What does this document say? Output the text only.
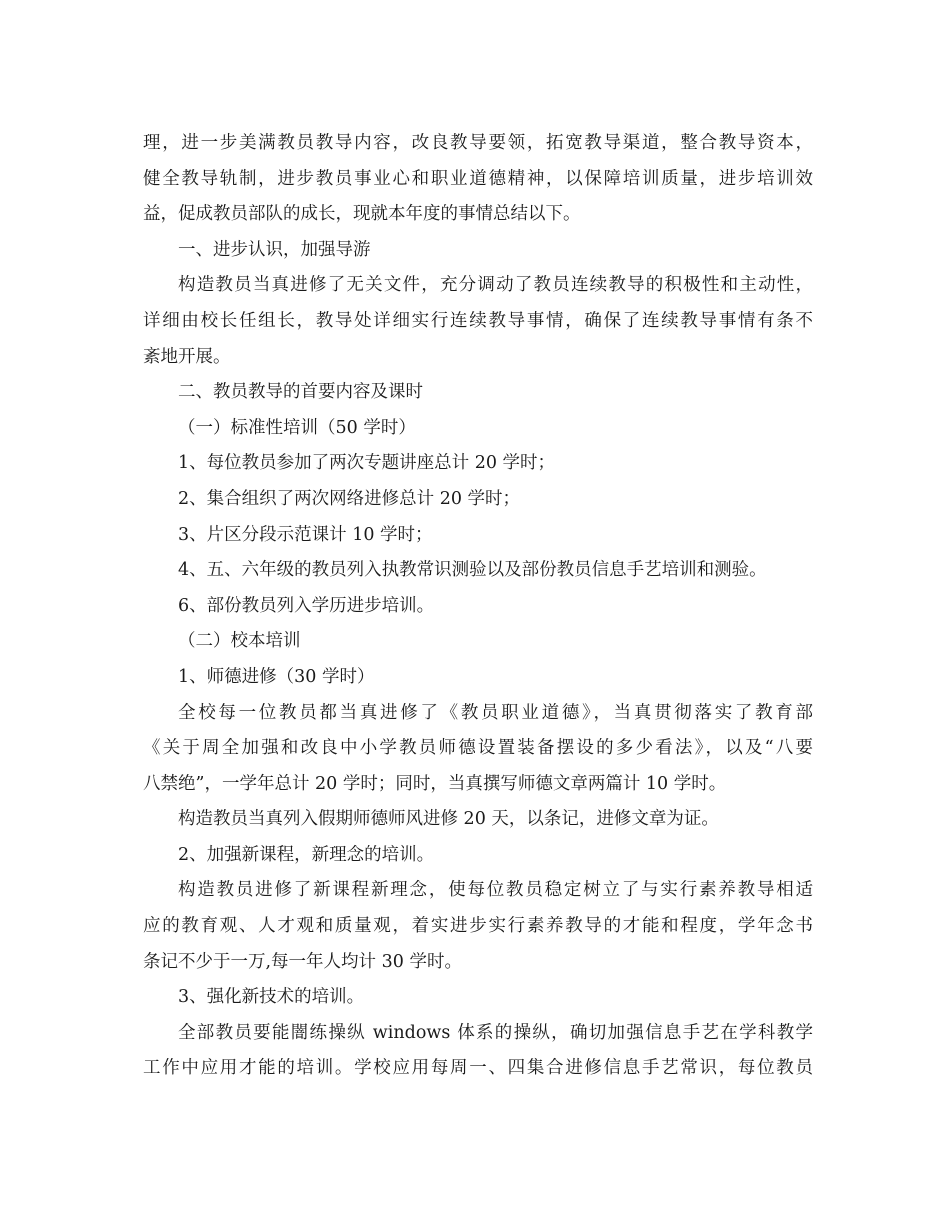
理，进一步美满教员教导内容，改良教导要领，拓宽教导渠道，整合教导资本，
健全教导轨制，进步教员事业心和职业道德精神，以保障培训质量，进步培训效
益，促成教员部队的成长，现就本年度的事情总结以下。
一、进步认识，加强导游
构造教员当真进修了无关文件，充分调动了教员连续教导的积极性和主动性，
详细由校长任组长，教导处详细实行连续教导事情，确保了连续教导事情有条不
紊地开展。
二、教员教导的首要内容及课时
（一）标准性培训（50 学时）
1、每位教员参加了两次专题讲座总计 20 学时；
2、集合组织了两次网络进修总计 20 学时；
3、片区分段示范课计 10 学时；
4、五、六年级的教员列入执教常识测验以及部份教员信息手艺培训和测验。
6、部份教员列入学历进步培训。
（二）校本培训
1、师德进修（30 学时）
全校每一位教员都当真进修了《教员职业道德》，当真贯彻落实了教育部
《关于周全加强和改良中小学教员师德设置装备摆设的多少看法》，以及“八要
八禁绝”，一学年总计 20 学时；同时，当真撰写师德文章两篇计 10 学时。
构造教员当真列入假期师德师风进修 20 天，以条记，进修文章为证。
2、加强新课程，新理念的培训。
构造教员进修了新课程新理念，使每位教员稳定树立了与实行素养教导相适
应的教育观、人才观和质量观，着实进步实行素养教导的才能和程度，学年念书
条记不少于一万,每一年人均计 30 学时。
3、强化新技术的培训。
全部教员要能闇练操纵 windows 体系的操纵，确切加强信息手艺在学科教学
工作中应用才能的培训。学校应用每周一、四集合进修信息手艺常识，每位教员
